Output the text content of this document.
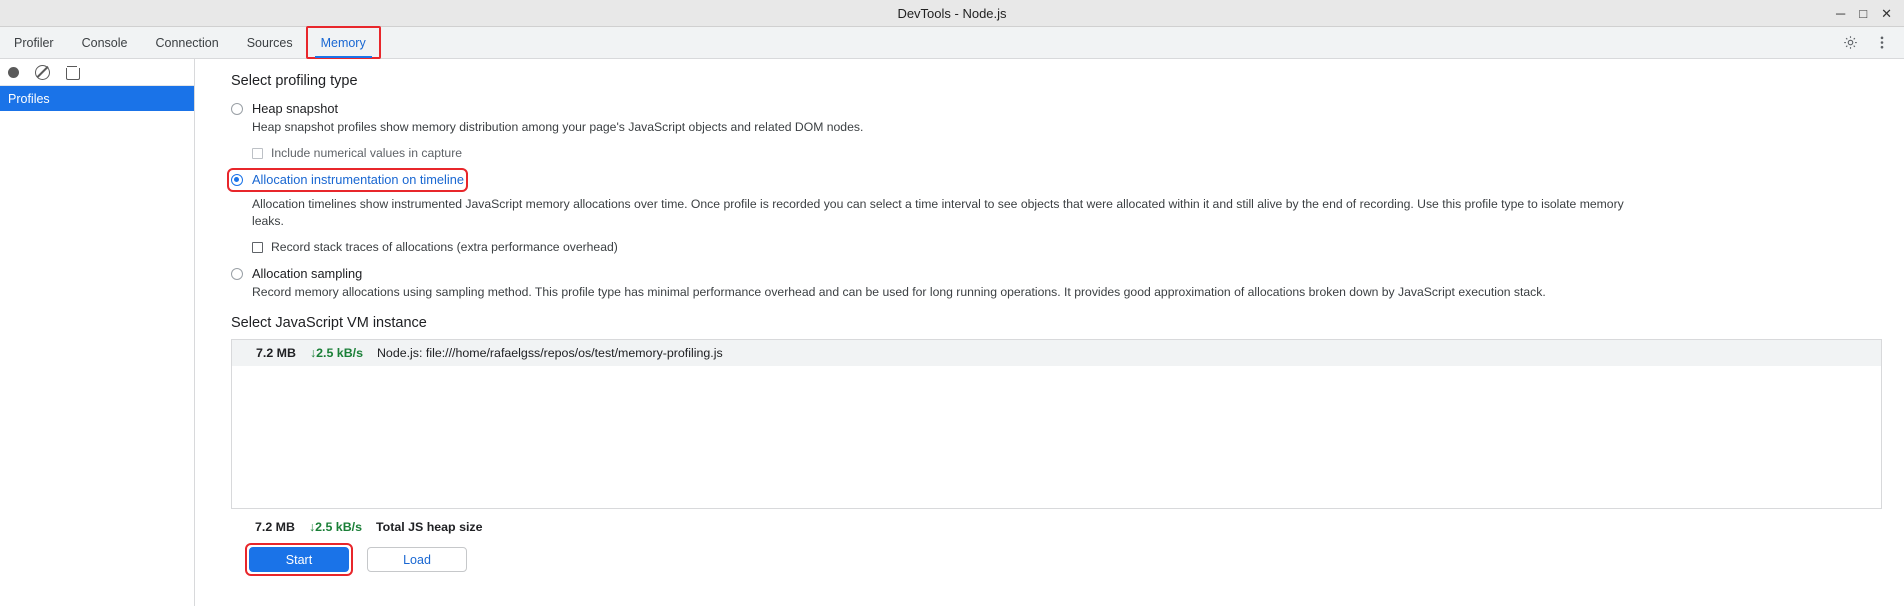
DevTools - Node.js	─ □ ✕
Profiler Console Connection Sources Memory
Profiles
Select profiling type
Heap snapshot
Heap snapshot profiles show memory distribution among your page's JavaScript objects and related DOM nodes.
Include numerical values in capture
Allocation instrumentation on timeline
Allocation timelines show instrumented JavaScript memory allocations over time. Once profile is recorded you can select a time interval to see objects that were allocated within it and still alive by the end of recording. Use this profile type to isolate memory leaks.
Record stack traces of allocations (extra performance overhead)
Allocation sampling
Record memory allocations using sampling method. This profile type has minimal performance overhead and can be used for long running operations. It provides good approximation of allocations broken down by JavaScript execution stack.
Select JavaScript VM instance
7.2 MB ↓2.5 kB/s Node.js: file:///home/rafaelgss/repos/os/test/memory-profiling.js
7.2 MB ↓2.5 kB/s Total JS heap size
Start	Load
